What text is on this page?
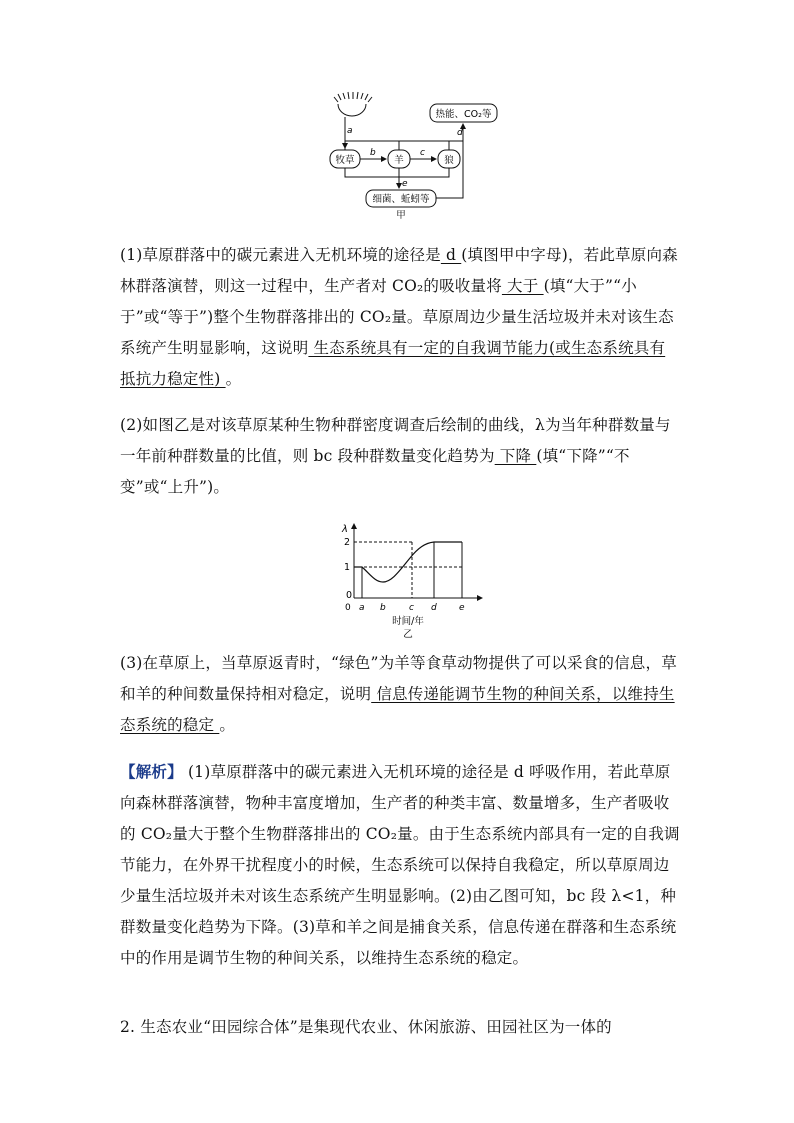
a
热能、CO₂等
牧草	羊	狼
细菌、蚯蚓等
甲
b	c
d
e
(1)草原群落中的碳元素进入无机环境的途径是 d (填图甲中字母)，若此草原向森林群落演替，则这一过程中，生产者对 CO₂的吸收量将 大于 (填“大于”“小于”或“等于”)整个生物群落排出的 CO₂量。草原周边少量生活垃圾并未对该生态系统产生明显影响，这说明 生态系统具有一定的自我调节能力(或生态系统具有抵抗力稳定性) 。
(2)如图乙是对该草原某种生物种群密度调查后绘制的曲线，λ为当年种群数量与一年前种群数量的比值，则 bc 段种群数量变化趋势为 下降 (填“下降”“不变”或“上升”)。
λ
2
1
0
a b	c d e
0
时间/年
乙
(3)在草原上，当草原返青时，“绿色”为羊等食草动物提供了可以采食的信息，草和羊的种间数量保持相对稳定，说明 信息传递能调节生物的种间关系，以维持生态系统的稳定 。
【解析】 (1)草原群落中的碳元素进入无机环境的途径是 d 呼吸作用，若此草原向森林群落演替，物种丰富度增加，生产者的种类丰富、数量增多，生产者吸收的 CO₂量大于整个生物群落排出的 CO₂量。由于生态系统内部具有一定的自我调节能力，在外界干扰程度小的时候，生态系统可以保持自我稳定，所以草原周边少量生活垃圾并未对该生态系统产生明显影响。(2)由乙图可知，bc 段 λ<1，种群数量变化趋势为下降。(3)草和羊之间是捕食关系，信息传递在群落和生态系统中的作用是调节生物的种间关系，以维持生态系统的稳定。
2. 生态农业“田园综合体”是集现代农业、休闲旅游、田园社区为一体的
